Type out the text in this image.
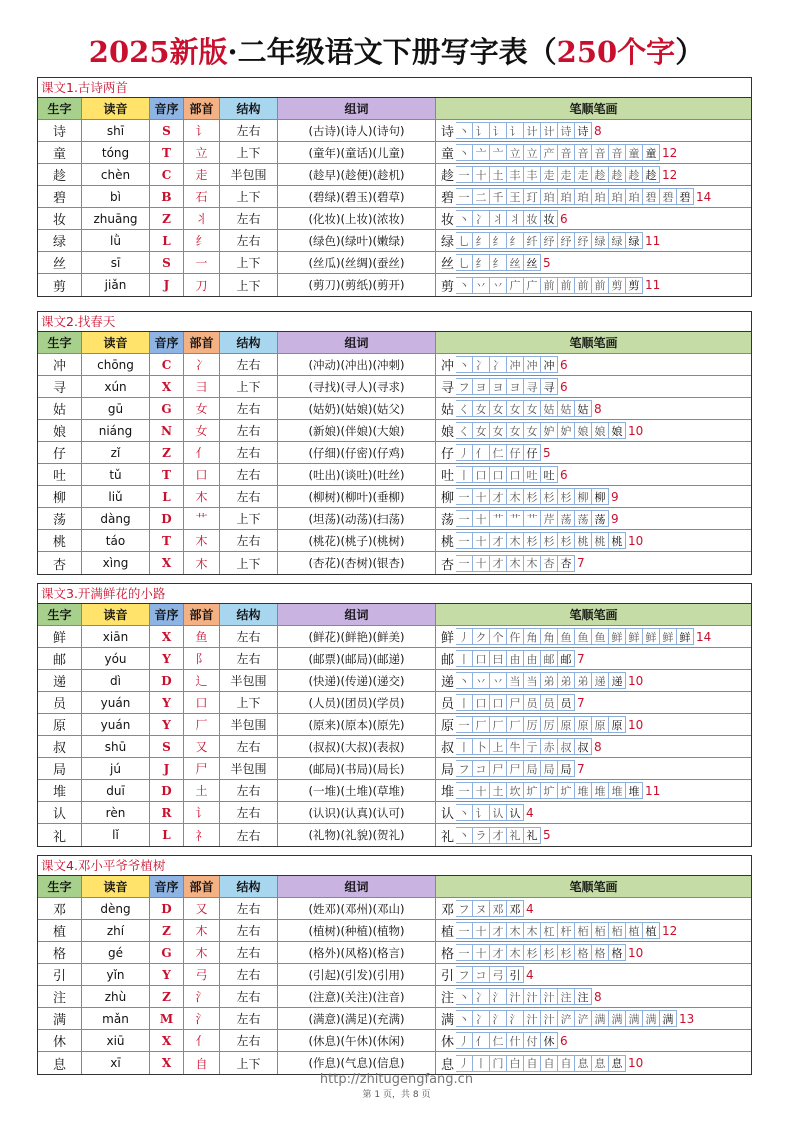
2025新版·二年级语文下册写字表（250个字）
课文1.古诗两首
生字	读音	音序 部首	结构	组词	笔顺笔画
诗	shī	S	讠	左右	(古诗)(诗人)(诗句)	诗 丶 讠 讠 讠 计 计 诗 诗 8
童	tóng	T	立	上下	(童年)(童话)(儿童)	童 丶 亠 亠 立 立 产 音 音 音 音 童 童 12
趁	chèn	C	走	半包围	(趁早)(趁便)(趁机)	趁 一 十 土 丰 丰 走 走 走 趁 趁 趁 趁 12
碧	bì	B	石	上下	(碧绿)(碧玉)(碧草)	碧 一 二 千 王 玎 珀 珀 珀 珀 珀 珀 碧 碧 碧 14
妆	zhuāng	Z	丬	左右	(化妆)(上妆)(浓妆)	妆 丶 冫 丬 丬 妆 妆 6
绿	lǜ	L	纟	左右	(绿色)(绿叶)(嫩绿)	绿 乚 纟 纟 纟 纤 纾 纾 纾 绿 绿 绿 11
丝	sī	S	一	上下	(丝瓜)(丝绸)(蚕丝)	丝 乚 纟 纟 丝 丝 5
剪	jiǎn	J	刀	上下	(剪刀)(剪纸)(剪开)	剪 丶 丷 丷 广 广 前 前 前 前 剪 剪 11
课文2.找春天
生字	读音	音序 部首	结构	组词	笔顺笔画
冲	chōng	C	冫	左右	(冲动)(冲出)(冲刺)	冲 丶 冫 冫 冲 冲 冲 6
寻	xún	X	彐	上下	(寻找)(寻人)(寻求)	寻 フ ヨ ヨ ヨ 寻 寻 6
姑	gū	G	女	左右	(姑奶)(姑娘)(姑父)	姑 く 女 女 女 女 姑 姑 姑 8
娘	niáng	N	女	左右	(新娘)(伴娘)(大娘)	娘 く 女 女 女 女 妒 妒 娘 娘 娘 10
仔	zǐ	Z	亻	左右	(仔细)(仔密)(仔鸡)	仔 丿 亻 仁 仔 仔 5
吐	tǔ	T	口	左右	(吐出)(谈吐)(吐丝)	吐 丨 口 口 口 吐 吐 6
柳	liǔ	L	木	左右	(柳树)(柳叶)(垂柳)	柳 一 十 才 木 杉 杉 杉 柳 柳 9
荡	dàng	D	艹	上下	(坦荡)(动荡)(扫荡)	荡 一 十 艹 艹 艹 芹 荡 荡 荡 9
桃	táo	T	木	左右	(桃花)(桃子)(桃树)	桃 一 十 才 木 杉 杉 杉 桃 桃 桃 10
杏	xìng	X	木	上下	(杏花)(杏树)(银杏)	杏 一 十 才 木 木 杏 杏 7
课文3.开满鲜花的小路
生字	读音	音序 部首	结构	组词	笔顺笔画
鲜	xiān	X	鱼	左右	(鲜花)(鲜艳)(鲜美)	鲜 丿 ク 个 仵 角 角 鱼 鱼 鱼 鲜 鲜 鲜 鲜 鲜 14
邮	yóu	Y	阝	左右	(邮票)(邮局)(邮递)	邮 丨 口 曰 由 由 邮 邮 7
递	dì	D	辶	半包围	(快递)(传递)(递交)	递 丶 丷 丷 当 当 弟 弟 弟 递 递 10
员	yuán	Y	口	上下	(人员)(团员)(学员)	员 丨 口 口 尸 员 员 员 7
原	yuán	Y	厂	半包围	(原来)(原本)(原先)	原 一 厂 厂 厂 厉 厉 原 原 原 原 10
叔	shū	S	又	左右	(叔叔)(大叔)(表叔)	叔 丨 卜 上 牛 亍 赤 叔 叔 8
局	jú	J	尸	半包围	(邮局)(书局)(局长)	局 フ コ 尸 尸 局 局 局 7
堆	duī	D	土	左右	(一堆)(土堆)(草堆)	堆 一 十 土 坎 圹 圹 圹 堆 堆 堆 堆 11
认	rèn	R	讠	左右	(认识)(认真)(认可)	认 丶 讠 认 认 4
礼	lǐ	L	礻	左右	(礼物)(礼貌)(贺礼)	礼 丶 ラ 才 礼 礼 5
课文4.邓小平爷爷植树
生字	读音	音序 部首	结构	组词	笔顺笔画
邓	dèng	D	又	左右	(姓邓)(邓州)(邓山)	邓 フ ヌ 邓 邓 4
植	zhí	Z	木	左右	(植树)(种植)(植物)	植 一 十 才 木 木 杠 杆 栢 栢 栢 植 植 12
格	gé	G	木	左右	(格外)(风格)(格言)	格 一 十 才 木 杉 杉 杉 格 格 格 10
引	yǐn	Y	弓	左右	(引起)(引发)(引用)	引 フ コ 弓 引 4
注	zhù	Z	氵	左右	(注意)(关注)(注音)	注 丶 冫 氵 汁 汁 汁 注 注 8
满	mǎn	M	氵	左右	(满意)(满足)(充满)	满 丶 冫 氵 氵 汁 汁 浐 浐 满 满 满 满 满 13
休	xiū	X	亻	左右	(休息)(午休)(休闲)	休 丿 亻 仁 什 付 休 6
息	xī	X	自	上下	(作息)(气息)(信息)	息 丿 丨 门 白 自 自 自 息 息 息 10
http://zhitugengfang.cn
第 1 页，共 8 页
